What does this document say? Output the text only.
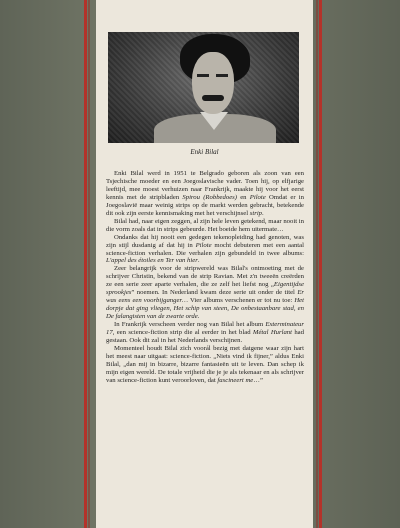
Enki Bilal

Enki Bilal werd in 1951 te Belgrado geboren als zoon van een Tsjechische moeder en een Joegoslavische vader. Toen hij, op elfjarige leeftijd, mee moest verhuizen naar Frankrijk, maakte hij voor het eerst kennis met de stripbladen Spirou (Robbedoes) en Pilote Omdat er in Joegoslavië maar weinig strips op de markt werden gebracht, betekende dit ook zijn eerste kennismaking met het verschijnsel strip.

Bilal had, naar eigen zeggen, al zijn hele leven getekend, maar nooit in die vorm zoals dat in strips gebeurde. Het boeide hem uitermate…

Ondanks dat hij nooit een gedegen tekenopleiding had genoten, was zijn stijl dusdanig af dat hij in Pilote mocht debuteren met een aantal science-fiction verhalen. Die verhalen zijn gebundeld in twee albums: L'appel des étoiles en Ter van hier.

Zeer belangrijk voor de stripwereld was Bilal's ontmoeting met de schrijver Christin, bekend van de strip Ravian. Met z'n tweeën creërden ze een serie zeer aparte verhalen, die ze zelf het liefst nog „Eigentijdse sprookjes” noemen. In Nederland kwam deze serie uit onder de titel Er was eens een voorbijganger… Vier albums verschenen er tot nu toe: Het dorpje dat ging vliegen, Het schip van steen, De onbestaanbare stad, en De falangisten van de zwarte orde.

In Frankrijk verscheen verder nog van Bilal het album Exterminateur 17, een science-fiction strip die al eerder in het blad Métal Hurlant had gestaan. Ook dit zal in het Nederlands verschijnen.

Momenteel houdt Bilal zich voorál bezig met datgene waar zijn hart het meest naar uitgaat: science-fiction. „Niets vind ik fijner,” aldus Enki Bilal, „dan mij in bizarre, bizarre fantasieën uit te leven. Dan schep ik mijn eigen wereld. De totale vrijheid die je je als tekenaar en als schrijver van science-fiction kunt veroorloven, dat fascineert me…”
